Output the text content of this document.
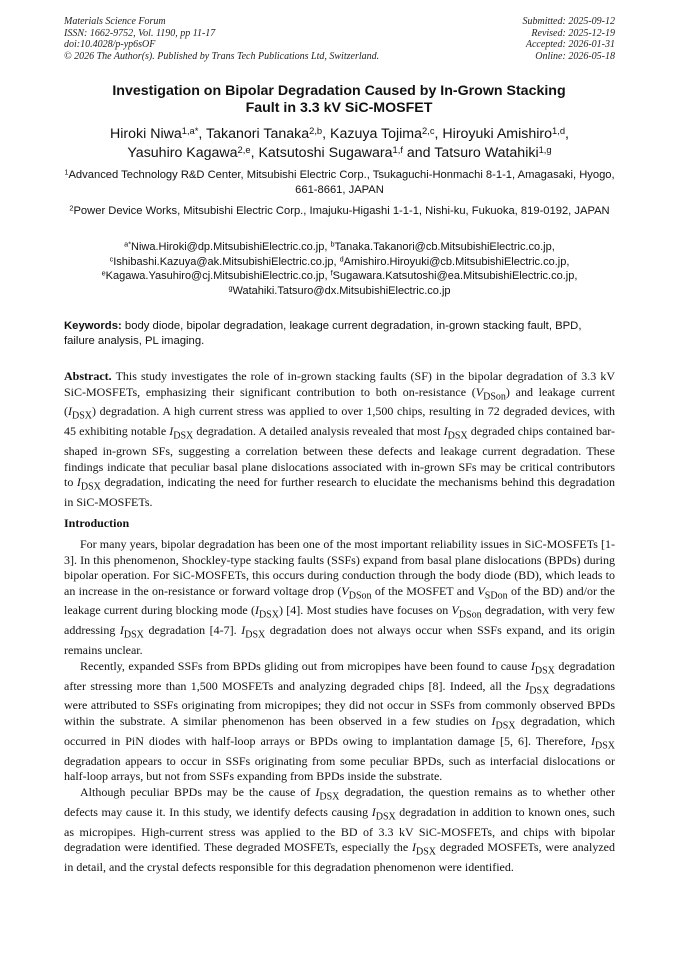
Materials Science Forum
ISSN: 1662-9752, Vol. 1190, pp 11-17
doi:10.4028/p-yp6sOF
© 2026 The Author(s). Published by Trans Tech Publications Ltd, Switzerland.
Submitted: 2025-09-12
Revised: 2025-12-19
Accepted: 2026-01-31
Online: 2026-05-18
Investigation on Bipolar Degradation Caused by In-Grown Stacking
Fault in 3.3 kV SiC-MOSFET
Hiroki Niwa$^{1,a*}$, Takanori Tanaka$^{2,b}$, Kazuya Tojima$^{2,c}$, Hiroyuki Amishiro$^{1,d}$,
Yasuhiro Kagawa$^{2,e}$, Katsutoshi Sugawara$^{1,f}$ and Tatsuro Watahiki$^{1,g}$
$^1$Advanced Technology R&D Center, Mitsubishi Electric Corp., Tsukaguchi-Honmachi 8-1-1, Amagasaki, Hyogo, 661-8661, JAPAN
$^2$Power Device Works, Mitsubishi Electric Corp., Imajuku-Higashi 1-1-1, Nishi-ku, Fukuoka, 819-0192, JAPAN
$^{a*}$Niwa.Hiroki@dp.MitsubishiElectric.co.jp, $^b$Tanaka.Takanori@cb.MitsubishiElectric.co.jp,
$^c$Ishibashi.Kazuya@ak.MitsubishiElectric.co.jp, $^d$Amishiro.Hiroyuki@cb.MitsubishiElectric.co.jp,
$^e$Kagawa.Yasuhiro@cj.MitsubishiElectric.co.jp, $^f$Sugawara.Katsutoshi@ea.MitsubishiElectric.co.jp,
$^g$Watahiki.Tatsuro@dx.MitsubishiElectric.co.jp
Keywords: body diode, bipolar degradation, leakage current degradation, in-grown stacking fault, BPD, failure analysis, PL imaging.
Abstract. This study investigates the role of in-grown stacking faults (SF) in the bipolar degradation of 3.3 kV SiC-MOSFETs, emphasizing their significant contribution to both on-resistance $(V_{DSon})$ and leakage current $(I_{DSX})$ degradation. A high current stress was applied to over 1,500 chips, resulting in 72 degraded devices, with 45 exhibiting notable $I_{DSX}$ degradation. A detailed analysis revealed that most $I_{DSX}$ degraded chips contained bar-shaped in-grown SFs, suggesting a correlation between these defects and leakage current degradation. These findings indicate that peculiar basal plane dislocations associated with in-grown SFs may be critical contributors to $I_{DSX}$ degradation, indicating the need for further research to elucidate the mechanisms behind this degradation in SiC-MOSFETs.
Introduction

For many years, bipolar degradation has been one of the most important reliability issues in SiC-MOSFETs [1-3]. In this phenomenon, Shockley-type stacking faults (SSFs) expand from basal plane dislocations (BPDs) during bipolar operation. For SiC-MOSFETs, this occurs during conduction through the body diode (BD), which leads to an increase in the on-resistance or forward voltage drop ($V_{DSon}$ of the MOSFET and $V_{SDon}$ of the BD) and/or the leakage current during blocking mode $(I_{DSX})$ [4]. Most studies have focuses on $V_{DSon}$ degradation, with very few addressing $I_{DSX}$ degradation [4-7]. $I_{DSX}$ degradation does not always occur when SSFs expand, and its origin remains unclear.

Recently, expanded SSFs from BPDs gliding out from micropipes have been found to cause $I_{DSX}$ degradation after stressing more than 1,500 MOSFETs and analyzing degraded chips [8]. Indeed, all the $I_{DSX}$ degradations were attributed to SSFs originating from micropipes; they did not occur in SSFs from commonly observed BPDs within the substrate. A similar phenomenon has been observed in a few studies on $I_{DSX}$ degradation, which occurred in PiN diodes with half-loop arrays or BPDs owing to implantation damage [5, 6]. Therefore, $I_{DSX}$ degradation appears to occur in SSFs originating from some peculiar BPDs, such as interfacial dislocations or half-loop arrays, but not from SSFs expanding from BPDs inside the substrate.

Although peculiar BPDs may be the cause of $I_{DSX}$ degradation, the question remains as to whether other defects may cause it. In this study, we identify defects causing $I_{DSX}$ degradation in addition to known ones, such as micropipes. High-current stress was applied to the BD of 3.3 kV SiC-MOSFETs, and chips with bipolar degradation were identified. These degraded MOSFETs, especially the $I_{DSX}$ degraded MOSFETs, were analyzed in detail, and the crystal defects responsible for this degradation phenomenon were identified.
